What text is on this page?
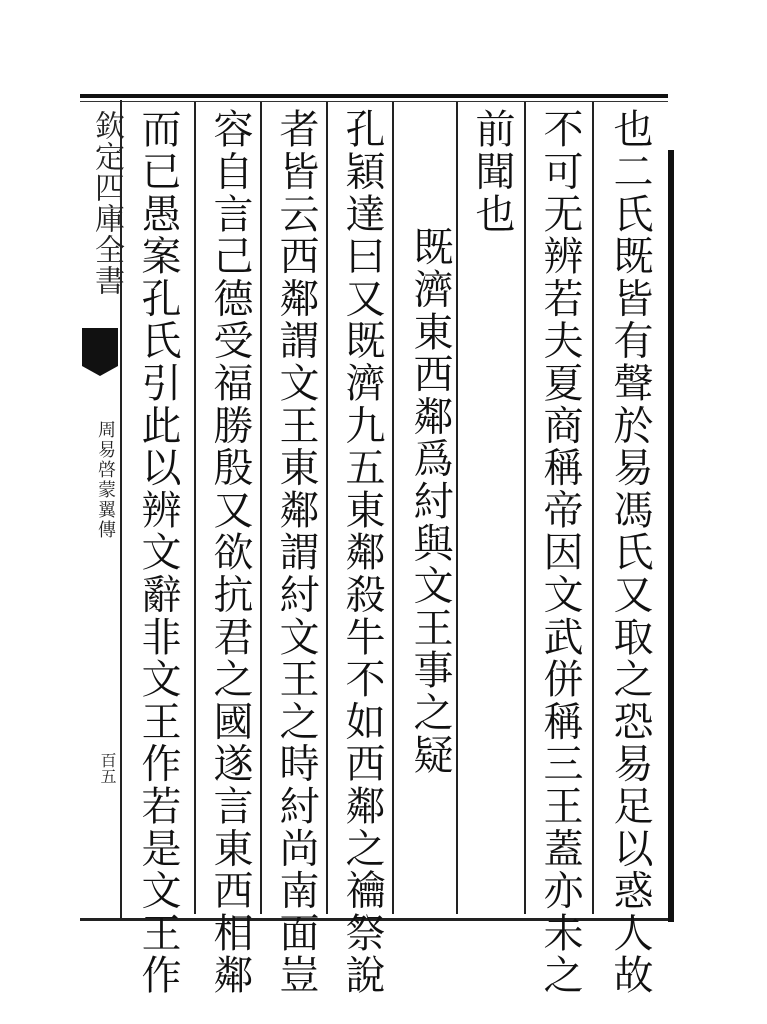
欽定四庫全書
周易啓蒙翼傳
百五	也二氏既皆有聲於易馮氏又取之恐易足以惑人故
不可无辨若夫夏商稱帝因文武併稱三王蓋亦未之
前聞也
既濟東西鄰爲紂與文王事之疑
孔穎達曰又既濟九五東鄰殺牛不如西鄰之禴祭說
者皆云西鄰謂文王東鄰謂紂文王之時紂尚南面豈
容自言己德受福勝殷又欲抗君之國遂言東西相鄰
而已愚案孔氏引此以辨文辭非文王作若是文王作
